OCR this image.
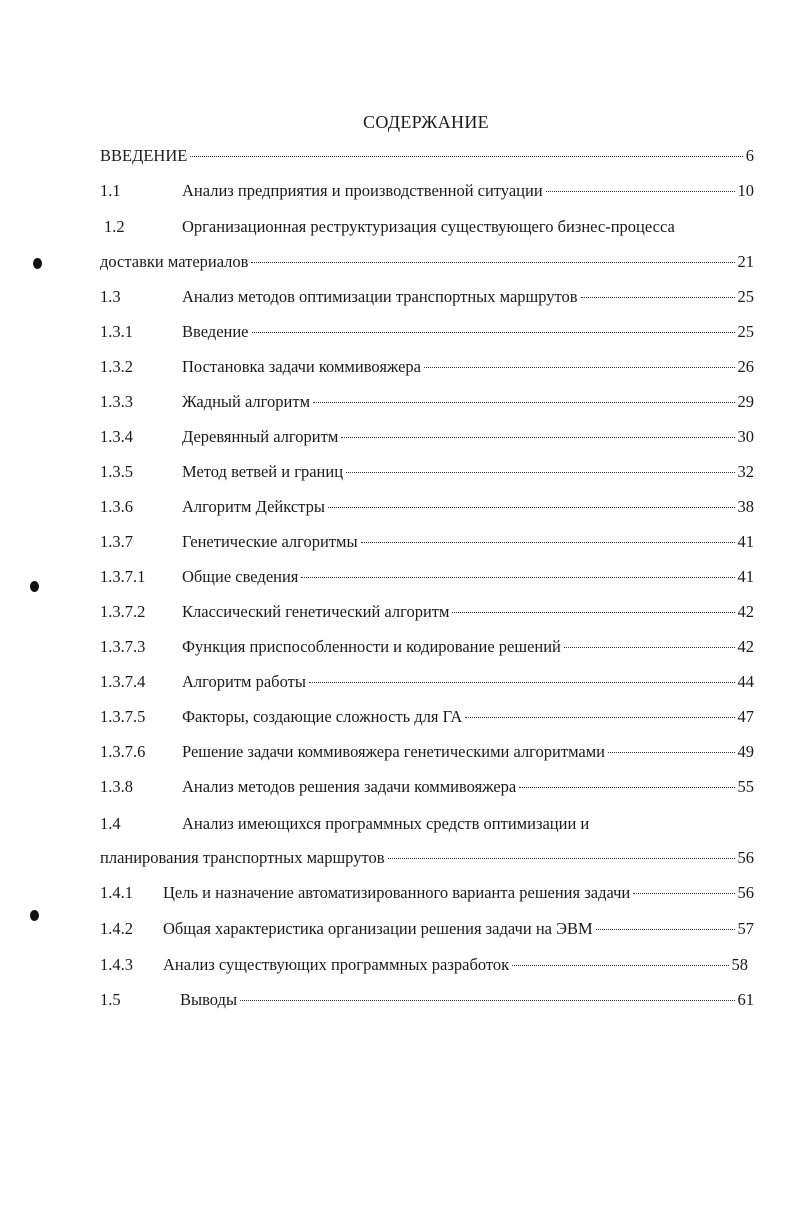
СОДЕРЖАНИЕ
ВВЕДЕНИЕ	6
1.1	Анализ предприятия и производственной ситуации	10
1.2	Организационная реструктуризация существующего бизнес-процесса
доставки материалов	21
1.3	Анализ методов оптимизации транспортных маршрутов	25
1.3.1	Введение	25
1.3.2	Постановка задачи коммивояжера	26
1.3.3	Жадный алгоритм	29
1.3.4	Деревянный алгоритм	30
1.3.5	Метод ветвей и границ	32
1.3.6	Алгоритм Дейкстры	38
1.3.7	Генетические алгоритмы	41
1.3.7.1	Общие сведения	41
1.3.7.2	Классический генетический алгоритм	42
1.3.7.3	Функция приспособленности и кодирование решений	42
1.3.7.4	Алгоритм работы	44
1.3.7.5	Факторы, создающие сложность для ГА	47
1.3.7.6	Решение задачи коммивояжера генетическими алгоритмами	49
1.3.8	Анализ методов решения задачи коммивояжера	55
1.4	Анализ имеющихся программных средств оптимизации и
планирования транспортных маршрутов	56
1.4.1	Цель и назначение автоматизированного варианта решения задачи	56
1.4.2	Общая характеристика организации решения задачи на ЭВМ	57
1.4.3	Анализ существующих программных разработок	58
1.5	Выводы	61
